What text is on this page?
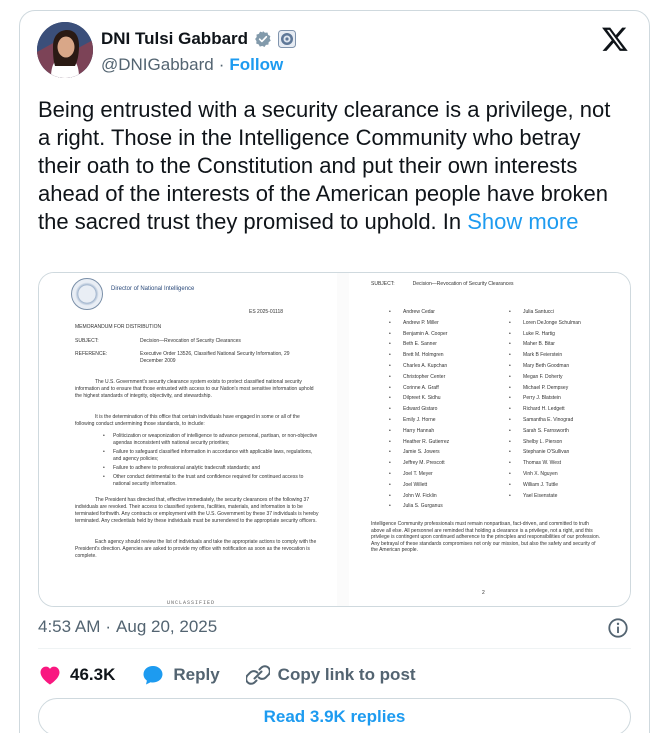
DNI Tulsi Gabbard
@DNIGabbard · Follow
Being entrusted with a security clearance is a privilege, not a right. Those in the Intelligence Community who betray their oath to the Constitution and put their own interests ahead of the interests of the American people have broken the sacred trust they promised to uphold. In Show more
Director of National Intelligence
ES 2025-01118
MEMORANDUM FOR DISTRIBUTION
SUBJECT:	Decision—Revocation of Security Clearances
REFERENCE:	Executive Order 13526, Classified National Security Information, 29 December 2009
The U.S. Government's security clearance system exists to protect classified national security information and to ensure that those entrusted with access to our Nation's most sensitive information uphold the highest standards of integrity, objectivity, and stewardship.
It is the determination of this office that certain individuals have engaged in some or all of the following conduct undermining those standards, to include:
• Politicization or weaponization of intelligence to advance personal, partisan, or non-objective agendas inconsistent with national security priorities;
• Failure to safeguard classified information in accordance with applicable laws, regulations, and agency policies;
• Failure to adhere to professional analytic tradecraft standards; and
• Other conduct detrimental to the trust and confidence required for continued access to national security information.
The President has directed that, effective immediately, the security clearances of the following 37 individuals are revoked. Their access to classified systems, facilities, materials, and information is to be terminated forthwith. Any contracts or employment with the U.S. Government by these 37 individuals is hereby terminated. Any credentials held by these individuals must be surrendered to the appropriate security officers.
Each agency should review the list of individuals and take the appropriate actions to comply with the President's direction. Agencies are asked to provide my office with notification as soon as the revocation is complete.
UNCLASSIFIED
SUBJECT:	Decision—Revocation of Security Clearances
• Andrew Cedar
• Andrew P. Miller
• Benjamin A. Cooper
• Beth E. Sanner
• Brett M. Holmgren
• Charles A. Kupchan
• Christopher Center
• Corinne A. Graff
• Dilpreet K. Sidhu
• Edward Gistaro
• Emily J. Horne
• Harry Hannah
• Heather R. Gutierrez
• Jamie S. Jowers
• Jeffrey M. Prescott
• Joel T. Meyer
• Joel Willett
• John W. Ficklin
• Julia S. Gurganus
• Julia Santucci
• Loren DeJonge Schulman
• Luke R. Hartig
• Maher B. Bitar
• Mark B Feierstein
• Mary Beth Goodman
• Megan F. Doherty
• Michael P. Dempsey
• Perry J. Blatstein
• Richard H. Ledgett
• Samantha E. Vinograd
• Sarah S. Farnsworth
• Shelby L. Pierson
• Stephanie O'Sullivan
• Thomas W. West
• Vinh X. Nguyen
• William J. Tuttle
• Yael Eisenstate
Intelligence Community professionals must remain nonpartisan, fact-driven, and committed to truth above all else. All personnel are reminded that holding a clearance is a privilege, not a right, and this privilege is contingent upon continued adherence to the principles and responsibilities of our profession. Any betrayal of these standards compromises not only our mission, but also the safety and security of the American people.
2
4:53 AM · Aug 20, 2025
46.3K	Reply	Copy link to post
Read 3.9K replies
